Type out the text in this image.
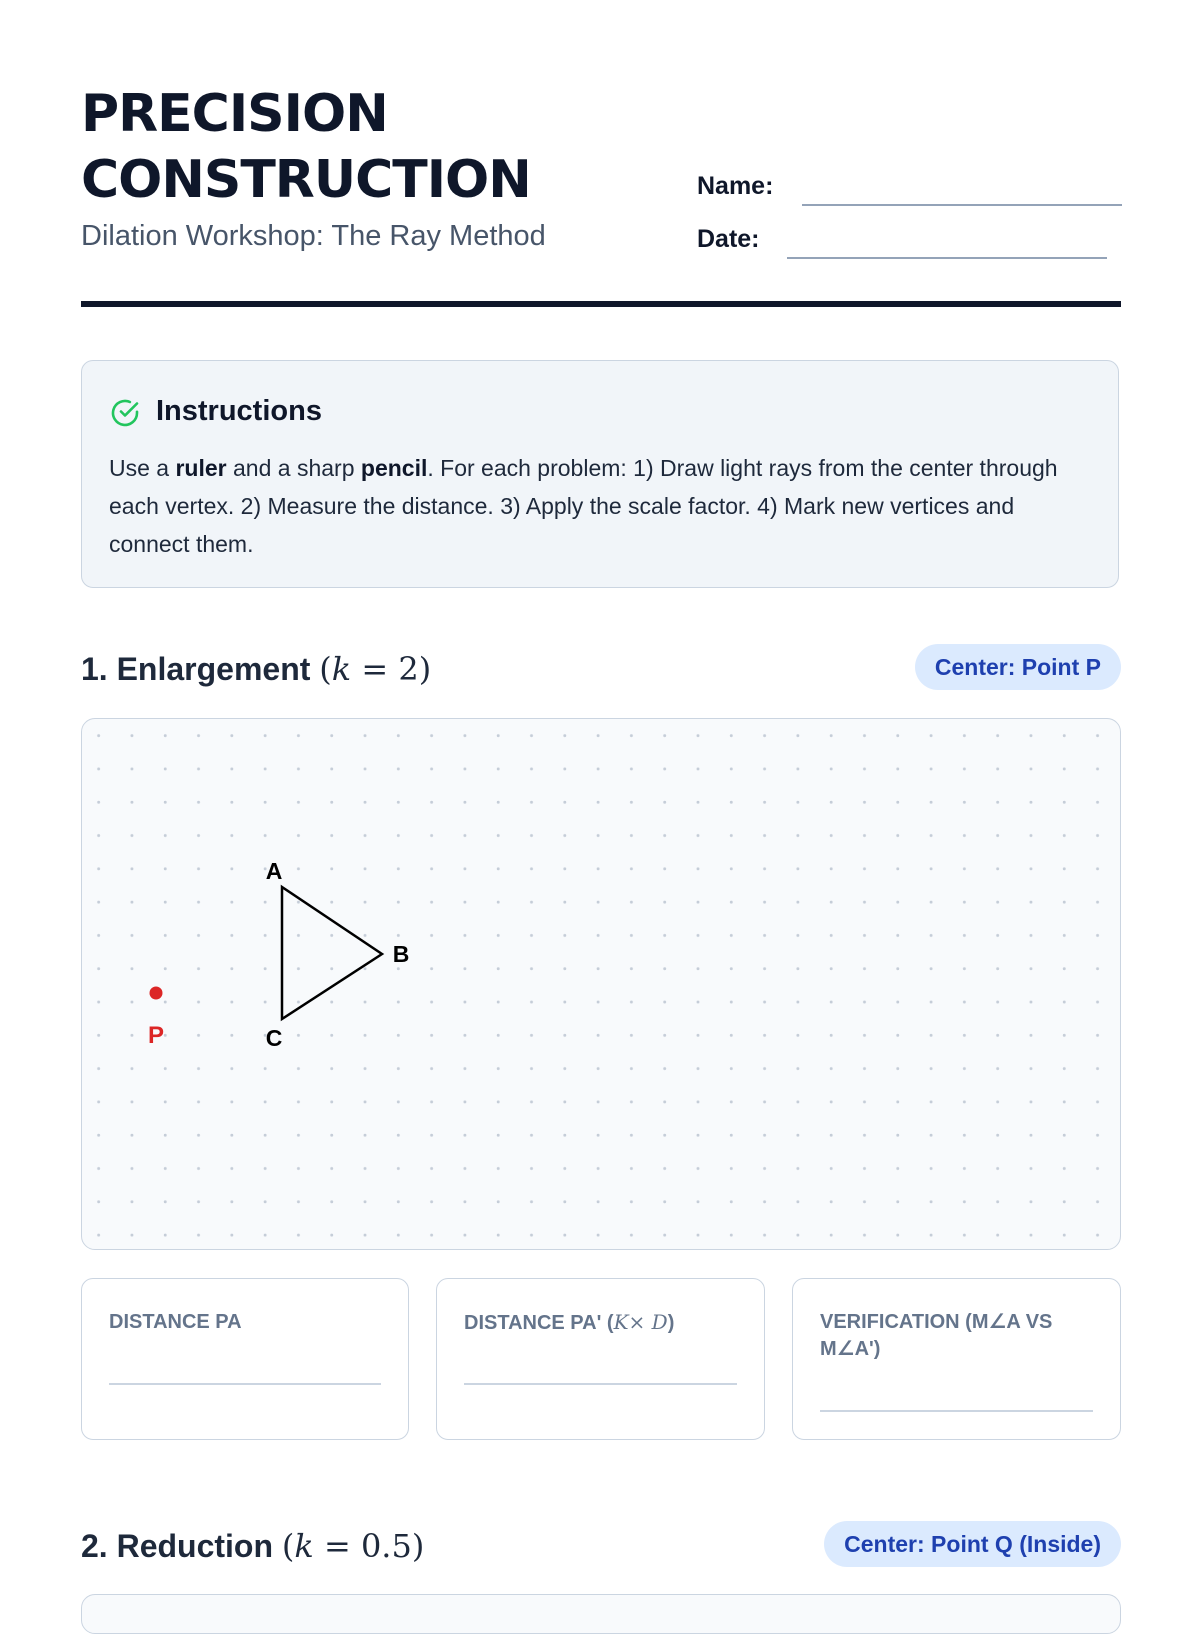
PRECISION
CONSTRUCTION
Dilation Workshop: The Ray Method
Name:
Date:
Instructions
Use a ruler and a sharp pencil. For each problem: 1) Draw light rays from the center through each vertex. 2) Measure the distance. 3) Apply the scale factor. 4) Mark new vertices and connect them.
1. Enlargement (k = 2)	Center: Point P
P
A
B
C
DISTANCE PA	DISTANCE PA' (K× D)	VERIFICATION (M∠A VS M∠A')
2. Reduction (k = 0.5)	Center: Point Q (Inside)
